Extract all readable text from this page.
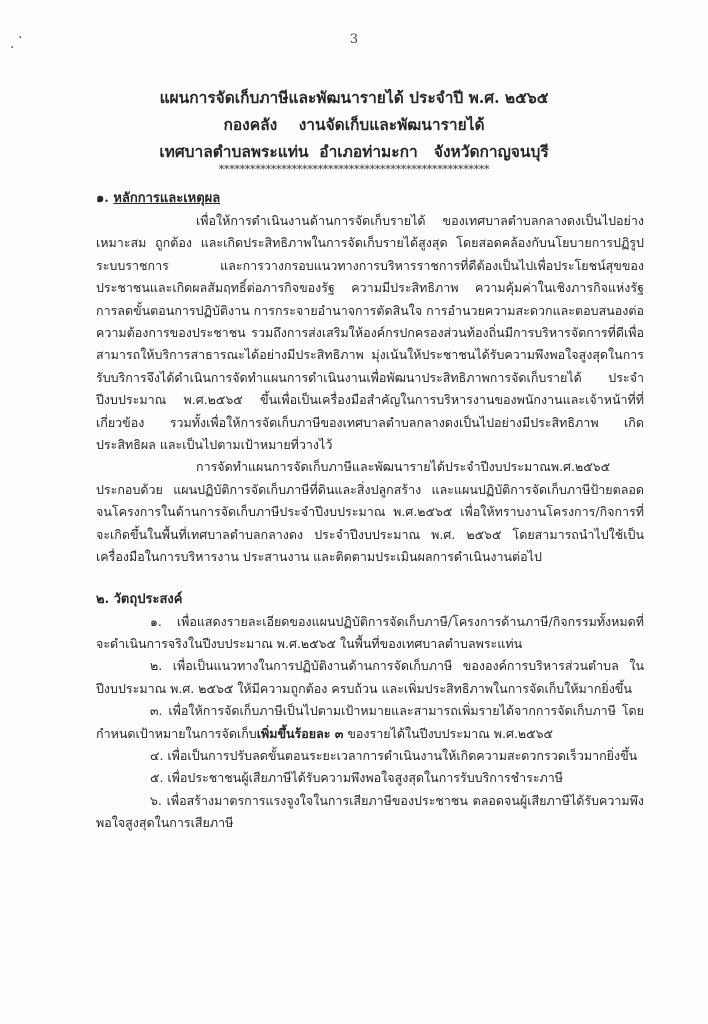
·
·
3
แผนการจัดเก็บภาษีและพัฒนารายได้ ประจำปี พ.ศ. ๒๕๖๕
กองคลัง    งานจัดเก็บและพัฒนารายได้
เทศบาลตำบลพระแท่น  อำเภอท่ามะกา   จังหวัดกาญจนบุรี
****************************************************
๑. หลักการและเหตุผล

เพื่อให้การดำเนินงานด้านการจัดเก็บรายได้ ของเทศบาลตำบลกลางดงเป็นไปอย่างเหมาะสม ถูกต้อง และเกิดประสิทธิภาพในการจัดเก็บรายได้สูงสุด โดยสอดคล้องกับนโยบายการปฏิรูประบบราชการ และการวางกรอบแนวทางการบริหารราชการที่ดีต้องเป็นไปเพื่อประโยชน์สุขของประชาชนและเกิดผลสัมฤทธิ์ต่อภารกิจของรัฐ ความมีประสิทธิภาพ ความคุ้มค่าในเชิงภารกิจแห่งรัฐ การลดขั้นตอนการปฏิบัติงาน การกระจายอำนาจการตัดสินใจ การอำนวยความสะดวกและตอบสนองต่อความต้องการของประชาชน รวมถึงการส่งเสริมให้องค์กรปกครองส่วนท้องถิ่นมีการบริหารจัดการที่ดีเพื่อสามารถให้บริการสาธารณะได้อย่างมีประสิทธิภาพ มุ่งเน้นให้ประชาชนได้รับความพึงพอใจสูงสุดในการรับบริการจึงได้ดำเนินการจัดทำแผนการดำเนินงานเพื่อพัฒนาประสิทธิภาพการจัดเก็บรายได้ ประจำปีงบประมาณ พ.ศ.๒๕๖๕ ขึ้นเพื่อเป็นเครื่องมือสำคัญในการบริหารงานของพนักงานและเจ้าหน้าที่ที่เกี่ยวข้อง รวมทั้งเพื่อให้การจัดเก็บภาษีของเทศบาลตำบลกลางดงเป็นไปอย่างมีประสิทธิภาพ เกิดประสิทธิผล และเป็นไปตามเป้าหมายที่วางไว้

การจัดทำแผนการจัดเก็บภาษีและพัฒนารายได้ประจำปีงบประมาณพ.ศ.๒๕๖๕ ประกอบด้วย แผนปฏิบัติการจัดเก็บภาษีที่ดินและสิ่งปลูกสร้าง และแผนปฏิบัติการจัดเก็บภาษีป้ายตลอดจนโครงการในด้านการจัดเก็บภาษีประจำปีงบประมาณ พ.ศ.๒๕๖๕ เพื่อให้ทราบงานโครงการ/กิจการที่จะเกิดขึ้นในพื้นที่เทศบาลตำบลกลางดง ประจำปีงบประมาณ พ.ศ. ๒๕๖๕ โดยสามารถนำไปใช้เป็นเครื่องมือในการบริหารงาน ประสานงาน และติดตามประเมินผลการดำเนินงานต่อไป

๒. วัตถุประสงค์

๑. เพื่อแสดงรายละเอียดของแผนปฏิบัติการจัดเก็บภาษี/โครงการด้านภาษี/กิจกรรมทั้งหมดที่จะดำเนินการจริงในปีงบประมาณ พ.ศ.๒๕๖๕ ในพื้นที่ของเทศบาลตำบลพระแท่น

๒. เพื่อเป็นแนวทางในการปฏิบัติงานด้านการจัดเก็บภาษี ขององค์การบริหารส่วนตำบล ในปีงบประมาณ พ.ศ. ๒๕๖๕ ให้มีความถูกต้อง ครบถ้วน และเพิ่มประสิทธิภาพในการจัดเก็บให้มากยิ่งขึ้น

๓. เพื่อให้การจัดเก็บภาษีเป็นไปตามเป้าหมายและสามารถเพิ่มรายได้จากการจัดเก็บภาษี โดยกำหนดเป้าหมายในการจัดเก็บเพิ่มขึ้นร้อยละ ๓ ของรายได้ในปีงบประมาณ พ.ศ.๒๕๖๕

๔. เพื่อเป็นการปรับลดขั้นตอนระยะเวลาการดำเนินงานให้เกิดความสะดวกรวดเร็วมากยิ่งขึ้น

๕. เพื่อประชาชนผู้เสียภาษีได้รับความพึงพอใจสูงสุดในการรับบริการชำระภาษี

๖. เพื่อสร้างมาตรการแรงจูงใจในการเสียภาษีของประชาชน ตลอดจนผู้เสียภาษีได้รับความพึงพอใจสูงสุดในการเสียภาษี
